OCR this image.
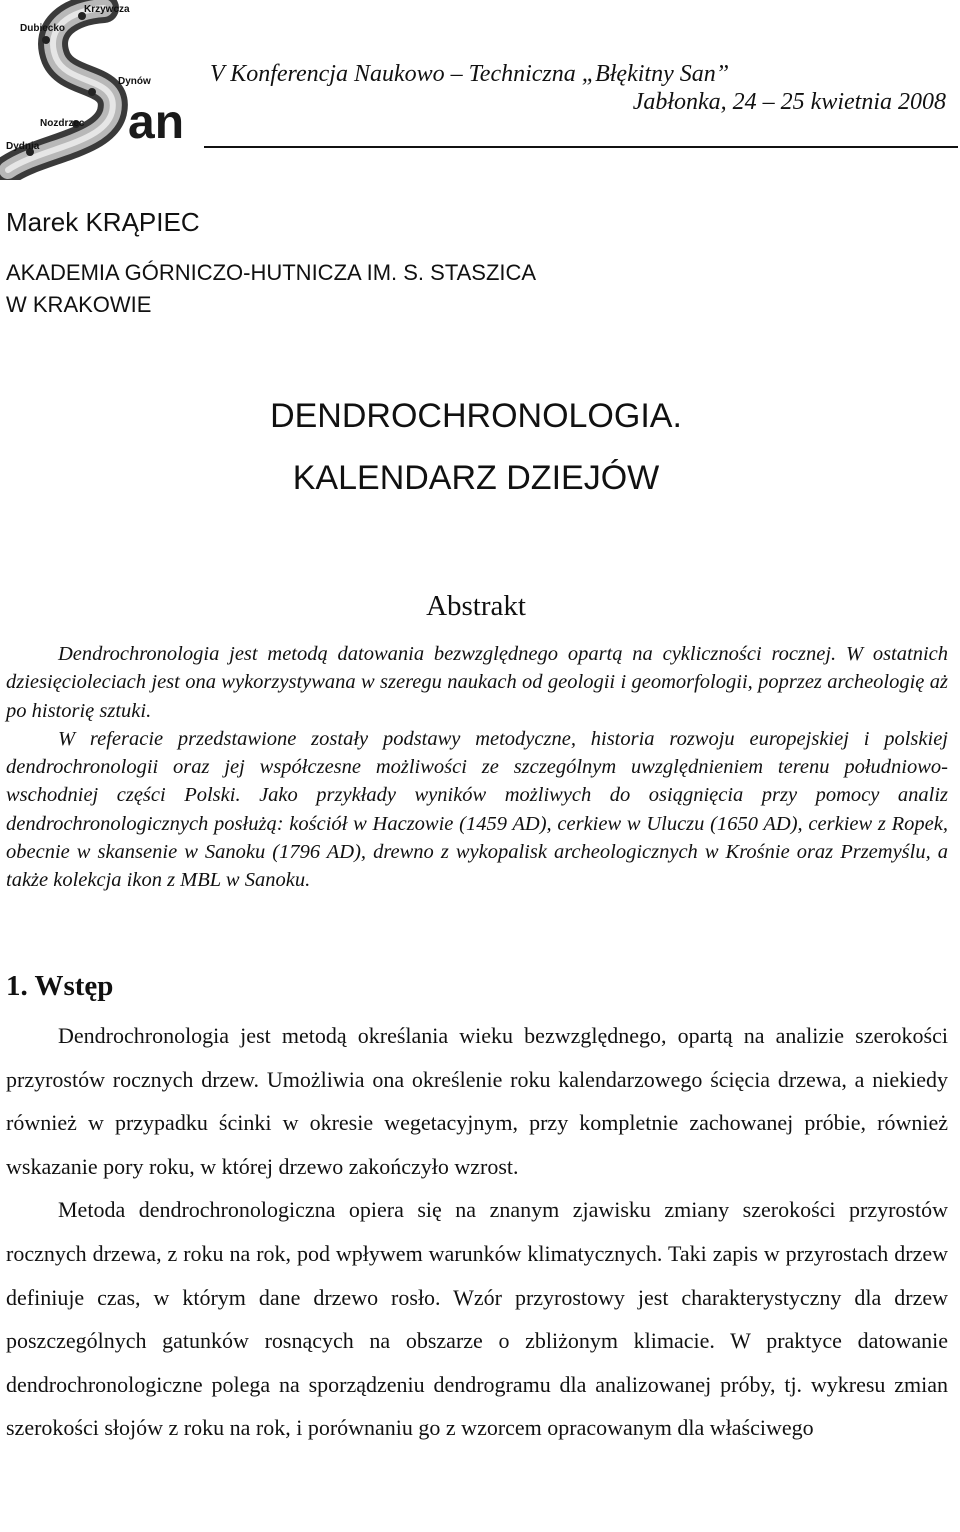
Krzywcza
Dubiecko
Dynów
Nozdrzec
Dydnia an
V Konferencja Naukowo – Techniczna „Błękitny San”
Jabłonka, 24 – 25 kwietnia 2008
Marek KRĄPIEC
AKADEMIA GÓRNICZO-HUTNICZA IM. S. STASZICA
W KRAKOWIE
DENDROCHRONOLOGIA.
KALENDARZ DZIEJÓW
Abstrakt

Dendrochronologia jest metodą datowania bezwzględnego opartą na cykliczności rocznej. W ostatnich dziesięcioleciach jest ona wykorzystywana w szeregu naukach od geologii i geomorfologii, poprzez archeologię aż po historię sztuki.

W referacie przedstawione zostały podstawy metodyczne, historia rozwoju europejskiej i polskiej dendrochronologii oraz jej współczesne możliwości ze szczególnym uwzględnieniem terenu południowo-wschodniej części Polski. Jako przykłady wyników możliwych do osiągnięcia przy pomocy analiz dendrochronologicznych posłużą: kościół w Haczowie (1459 AD), cerkiew w Uluczu (1650 AD), cerkiew z Ropek, obecnie w skansenie w Sanoku (1796 AD), drewno z wykopalisk archeologicznych w Krośnie oraz Przemyślu, a także kolekcja ikon z MBL w Sanoku.

1. Wstęp

Dendrochronologia jest metodą określania wieku bezwzględnego, opartą na analizie szerokości przyrostów rocznych drzew. Umożliwia ona określenie roku kalendarzowego ścięcia drzewa, a niekiedy również w przypadku ścinki w okresie wegetacyjnym, przy kompletnie zachowanej próbie, również wskazanie pory roku, w której drzewo zakończyło wzrost.

Metoda dendrochronologiczna opiera się na znanym zjawisku zmiany szerokości przyrostów rocznych drzewa, z roku na rok, pod wpływem warunków klimatycznych. Taki zapis w przyrostach drzew definiuje czas, w którym dane drzewo rosło. Wzór przyrostowy jest charakterystyczny dla drzew poszczególnych gatunków rosnących na obszarze o zbliżonym klimacie. W praktyce datowanie dendrochronologiczne polega na sporządzeniu dendrogramu dla analizowanej próby, tj. wykresu zmian szerokości słojów z roku na rok, i porównaniu go z wzorcem opracowanym dla właściwego
